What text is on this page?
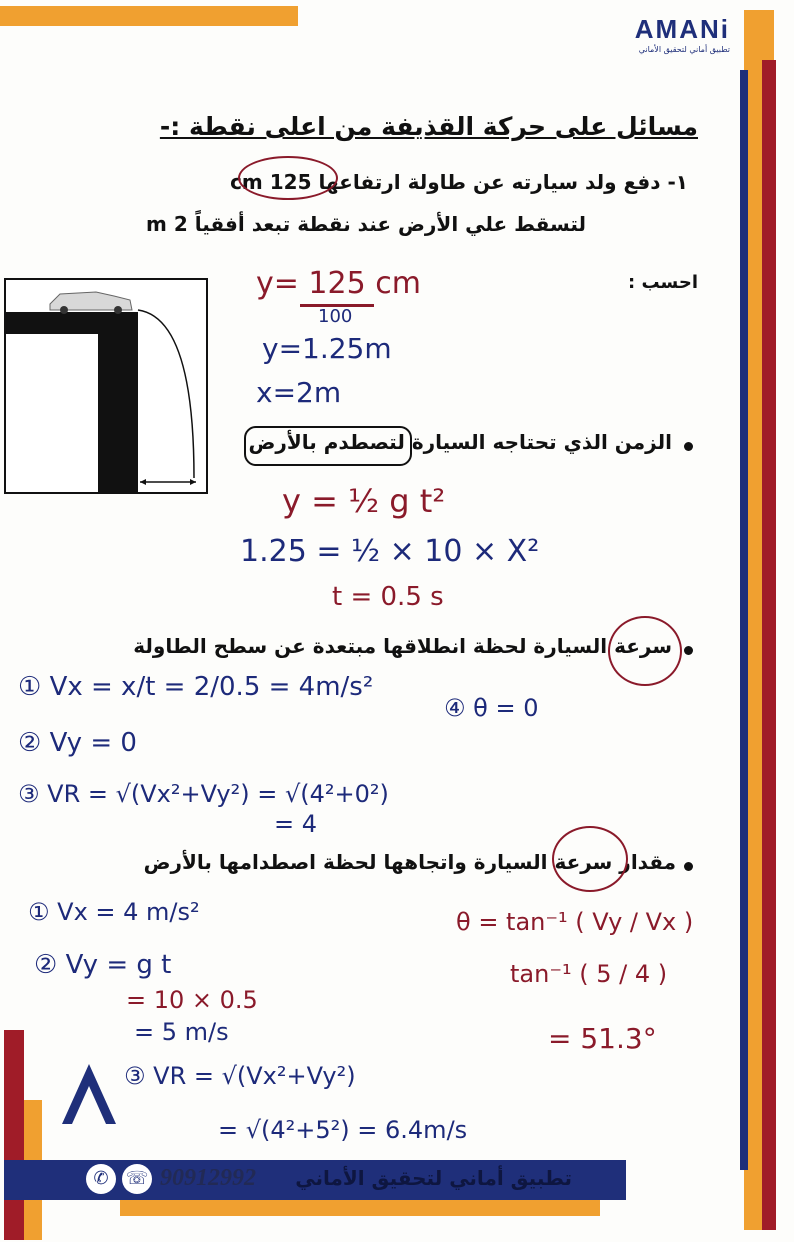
AMANi
تطبيق أماني لتحقيق الأماني
مسائل على حركة القذيفة من اعلى نقطة :-
١- دفع ولد سيارته عن طاولة ارتفاعها 125 cm
لتسقط علي الأرض عند نقطة تبعد أفقياً 2 m
احسب :
y= 125 cm
100
y=1.25m
x=2m
الزمن الذي تحتاجه السيارة لتصطدم بالأرض
y = ½ g t²
1.25 = ½ × 10 × X²
t = 0.5 s
سرعة السيارة لحظة انطلاقها مبتعدة عن سطح الطاولة
① Vx = x/t = 2/0.5 = 4m/s²
④ θ = 0
② Vy = 0
③ VR = √(Vx²+Vy²) = √(4²+0²)
= 4
مقدار سرعة السيارة واتجاهها لحظة اصطدامها بالأرض
① Vx = 4 m/s²
② Vy = g t
= 10 × 0.5
= 5 m/s
θ = tan⁻¹ ( Vy / Vx )
tan⁻¹ ( 5 / 4 )
= 51.3°
③ VR = √(Vx²+Vy²)
= √(4²+5²) = 6.4m/s
✆ ☏ 90912992 تطبيق أماني لتحقيق الأماني
